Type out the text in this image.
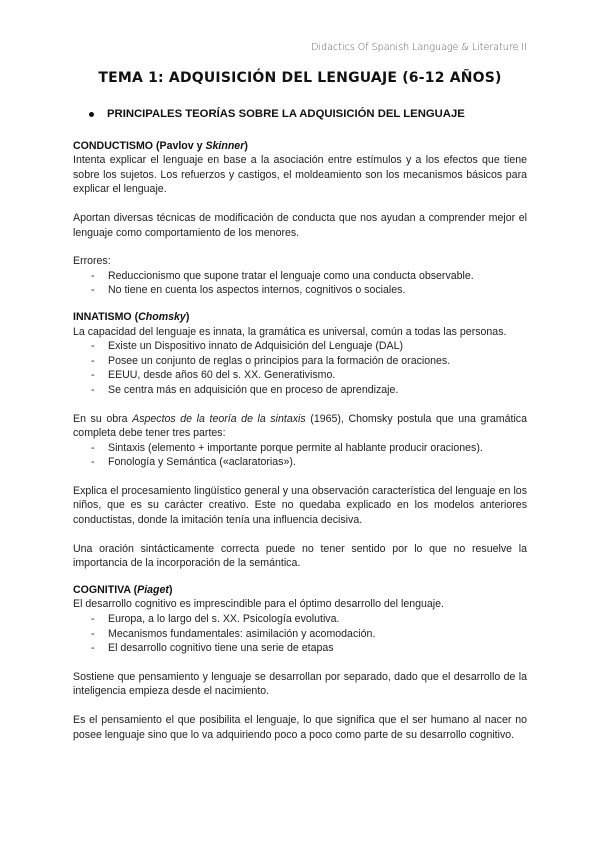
Didactics Of Spanish Language & Literature II
TEMA 1: ADQUISICIÓN DEL LENGUAJE (6-12 AÑOS)
PRINCIPALES TEORÍAS SOBRE LA ADQUISICIÓN DEL LENGUAJE
CONDUCTISMO (Pavlov y Skinner)

Intenta explicar el lenguaje en base a la asociación entre estímulos y a los efectos que tiene sobre los sujetos. Los refuerzos y castigos, el moldeamiento son los mecanismos básicos para explicar el lenguaje.

Aportan diversas técnicas de modificación de conducta que nos ayudan a comprender mejor el lenguaje como comportamiento de los menores.

Errores:

- Reduccionismo que supone tratar el lenguaje como una conducta observable.
- No tiene en cuenta los aspectos internos, cognitivos o sociales.
INNATISMO (Chomsky)

La capacidad del lenguaje es innata, la gramática es universal, común a todas las personas.

- Existe un Dispositivo innato de Adquisición del Lenguaje (DAL)
- Posee un conjunto de reglas o principios para la formación de oraciones.
- EEUU, desde años 60 del s. XX. Generativismo.
- Se centra más en adquisición que en proceso de aprendizaje.

En su obra Aspectos de la teoría de la sintaxis (1965), Chomsky postula que una gramática completa debe tener tres partes:

- Sintaxis (elemento + importante porque permite al hablante producir oraciones).
- Fonología y Semántica («aclaratorias»).

Explica el procesamiento lingüístico general y una observación característica del lenguaje en los niños, que es su carácter creativo. Este no quedaba explicado en los modelos anteriores conductistas, donde la imitación tenía una influencia decisiva.

Una oración sintácticamente correcta puede no tener sentido por lo que no resuelve la importancia de la incorporación de la semántica.

COGNITIVA (Piaget)

El desarrollo cognitivo es imprescindible para el óptimo desarrollo del lenguaje.

- Europa, a lo largo del s. XX. Psicología evolutiva.
- Mecanismos fundamentales: asimilación y acomodación.
- El desarrollo cognitivo tiene una serie de etapas

Sostiene que pensamiento y lenguaje se desarrollan por separado, dado que el desarrollo de la inteligencia empieza desde el nacimiento.

Es el pensamiento el que posibilita el lenguaje, lo que significa que el ser humano al nacer no posee lenguaje sino que lo va adquiriendo poco a poco como parte de su desarrollo cognitivo.
